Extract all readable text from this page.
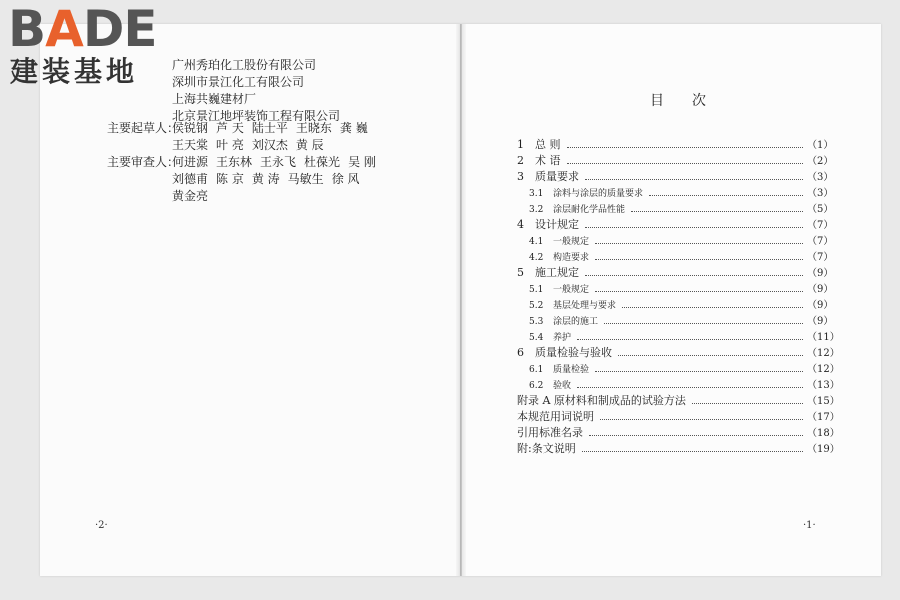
BADE
建装基地	广州秀珀化工股份有限公司
深圳市景江化工有限公司
上海共巍建材厂
北京景江地坪装饰工程有限公司
主要起草人：
侯锐钢 芦 天 陆士平 王晓东 龚 巍
王天棠 叶 亮 刘汉杰 黄 辰
主要审查人：
何进源 王东林 王永飞 杜葆光 吴 刚
刘德甫 陈 京 黄 涛 马敏生 徐 风
黄金亮
·2·
目次
1	总 则	（1）
2	术 语	（2）
3	质量要求	（3）
3.1	涂料与涂层的质量要求	（3）
3.2	涂层耐化学品性能	（5）
4	设计规定	（7）
4.1	一般规定	（7）
4.2	构造要求	（7）
5	施工规定	（9）
5.1	一般规定	（9）
5.2	基层处理与要求	（9）
5.3	涂层的施工	（9）
5.4	养护	（11）
6	质量检验与验收	（12）
6.1	质量检验	（12）
6.2	验收	（13）
附录 A 原材料和制成品的试验方法	（15）
本规范用词说明	（17）
引用标准名录	（18）
附:条文说明	（19）
·1·
